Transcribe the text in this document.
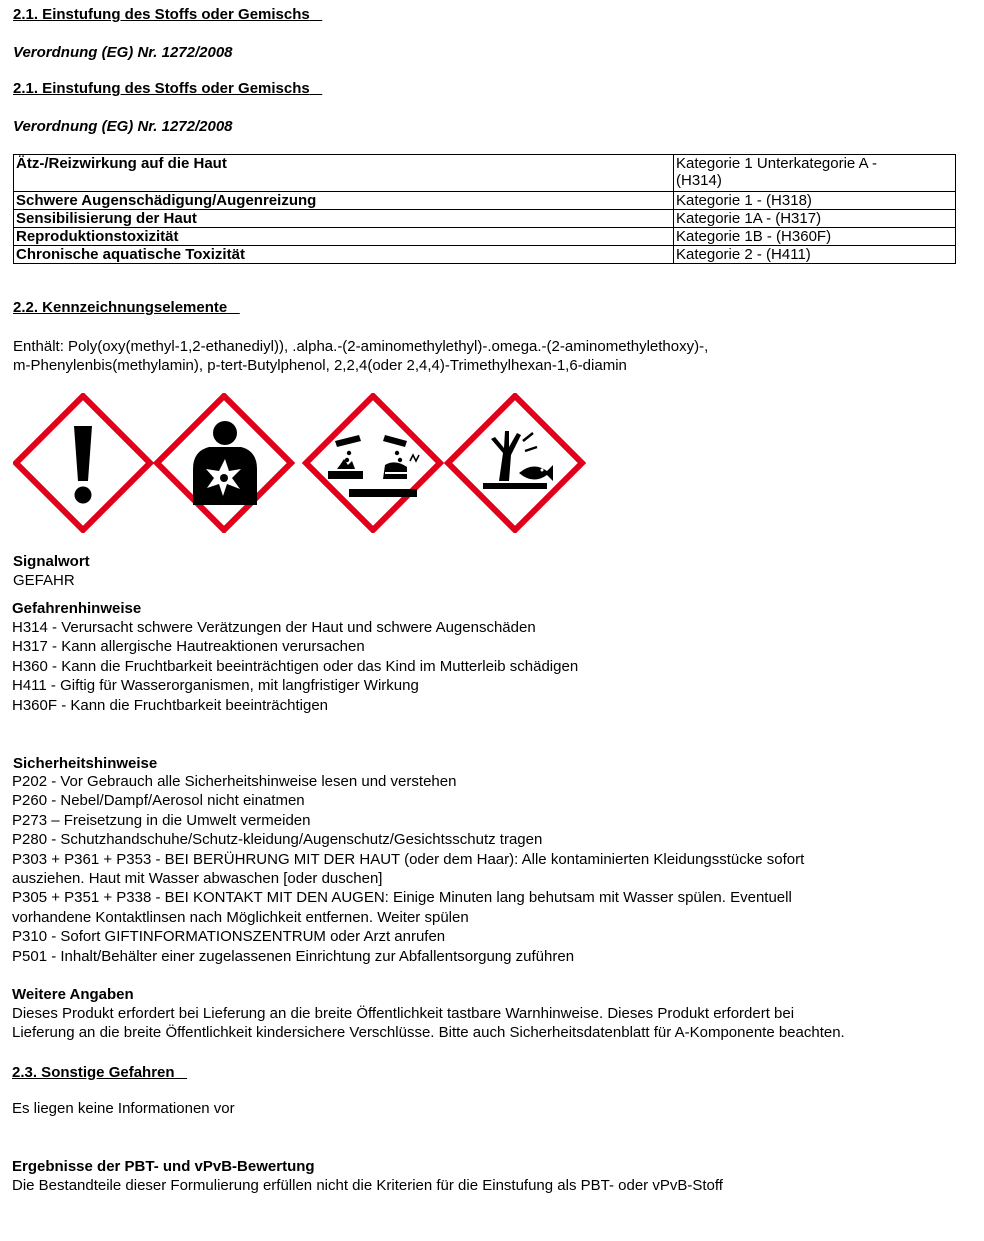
2.1. Einstufung des Stoffs oder Gemischs
Verordnung (EG) Nr. 1272/2008
2.1. Einstufung des Stoffs oder Gemischs
Verordnung (EG) Nr. 1272/2008
Ätz-/Reizwirkung auf die Haut	Kategorie 1 Unterkategorie A -
(H314)

Schwere Augenschädigung/Augenreizung	Kategorie 1 - (H318)
Sensibilisierung der Haut	Kategorie 1A - (H317)
Reproduktionstoxizität	Kategorie 1B - (H360F)
Chronische aquatische Toxizität	Kategorie 2 - (H411)
2.2. Kennzeichnungselemente
Enthält: Poly(oxy(methyl-1,2-ethanediyl)), .alpha.-(2-aminomethylethyl)-.omega.-(2-aminomethylethoxy)-,
m-Phenylenbis(methylamin), p-tert-Butylphenol, 2,2,4(oder 2,4,4)-Trimethylhexan-1,6-diamin
Signalwort
GEFAHR
Gefahrenhinweise
H314 - Verursacht schwere Verätzungen der Haut und schwere Augenschäden
H317 - Kann allergische Hautreaktionen verursachen
H360 - Kann die Fruchtbarkeit beeinträchtigen oder das Kind im Mutterleib schädigen
H411 - Giftig für Wasserorganismen, mit langfristiger Wirkung
H360F - Kann die Fruchtbarkeit beeinträchtigen
Sicherheitshinweise
P202 - Vor Gebrauch alle Sicherheitshinweise lesen und verstehen
P260 - Nebel/Dampf/Aerosol nicht einatmen
P273 – Freisetzung in die Umwelt vermeiden
P280 - Schutzhandschuhe/Schutz-kleidung/Augenschutz/Gesichtsschutz tragen
P303 + P361 + P353 - BEI BERÜHRUNG MIT DER HAUT (oder dem Haar): Alle kontaminierten Kleidungsstücke sofort
ausziehen. Haut mit Wasser abwaschen [oder duschen]
P305 + P351 + P338 - BEI KONTAKT MIT DEN AUGEN: Einige Minuten lang behutsam mit Wasser spülen. Eventuell
vorhandene Kontaktlinsen nach Möglichkeit entfernen. Weiter spülen
P310 - Sofort GIFTINFORMATIONSZENTRUM oder Arzt anrufen
P501 - Inhalt/Behälter einer zugelassenen Einrichtung zur Abfallentsorgung zuführen
Weitere Angaben
Dieses Produkt erfordert bei Lieferung an die breite Öffentlichkeit tastbare Warnhinweise. Dieses Produkt erfordert bei
Lieferung an die breite Öffentlichkeit kindersichere Verschlüsse. Bitte auch Sicherheitsdatenblatt für A-Komponente beachten.
2.3. Sonstige Gefahren
Es liegen keine Informationen vor
Ergebnisse der PBT- und vPvB-Bewertung
Die Bestandteile dieser Formulierung erfüllen nicht die Kriterien für die Einstufung als PBT- oder vPvB-Stoff
